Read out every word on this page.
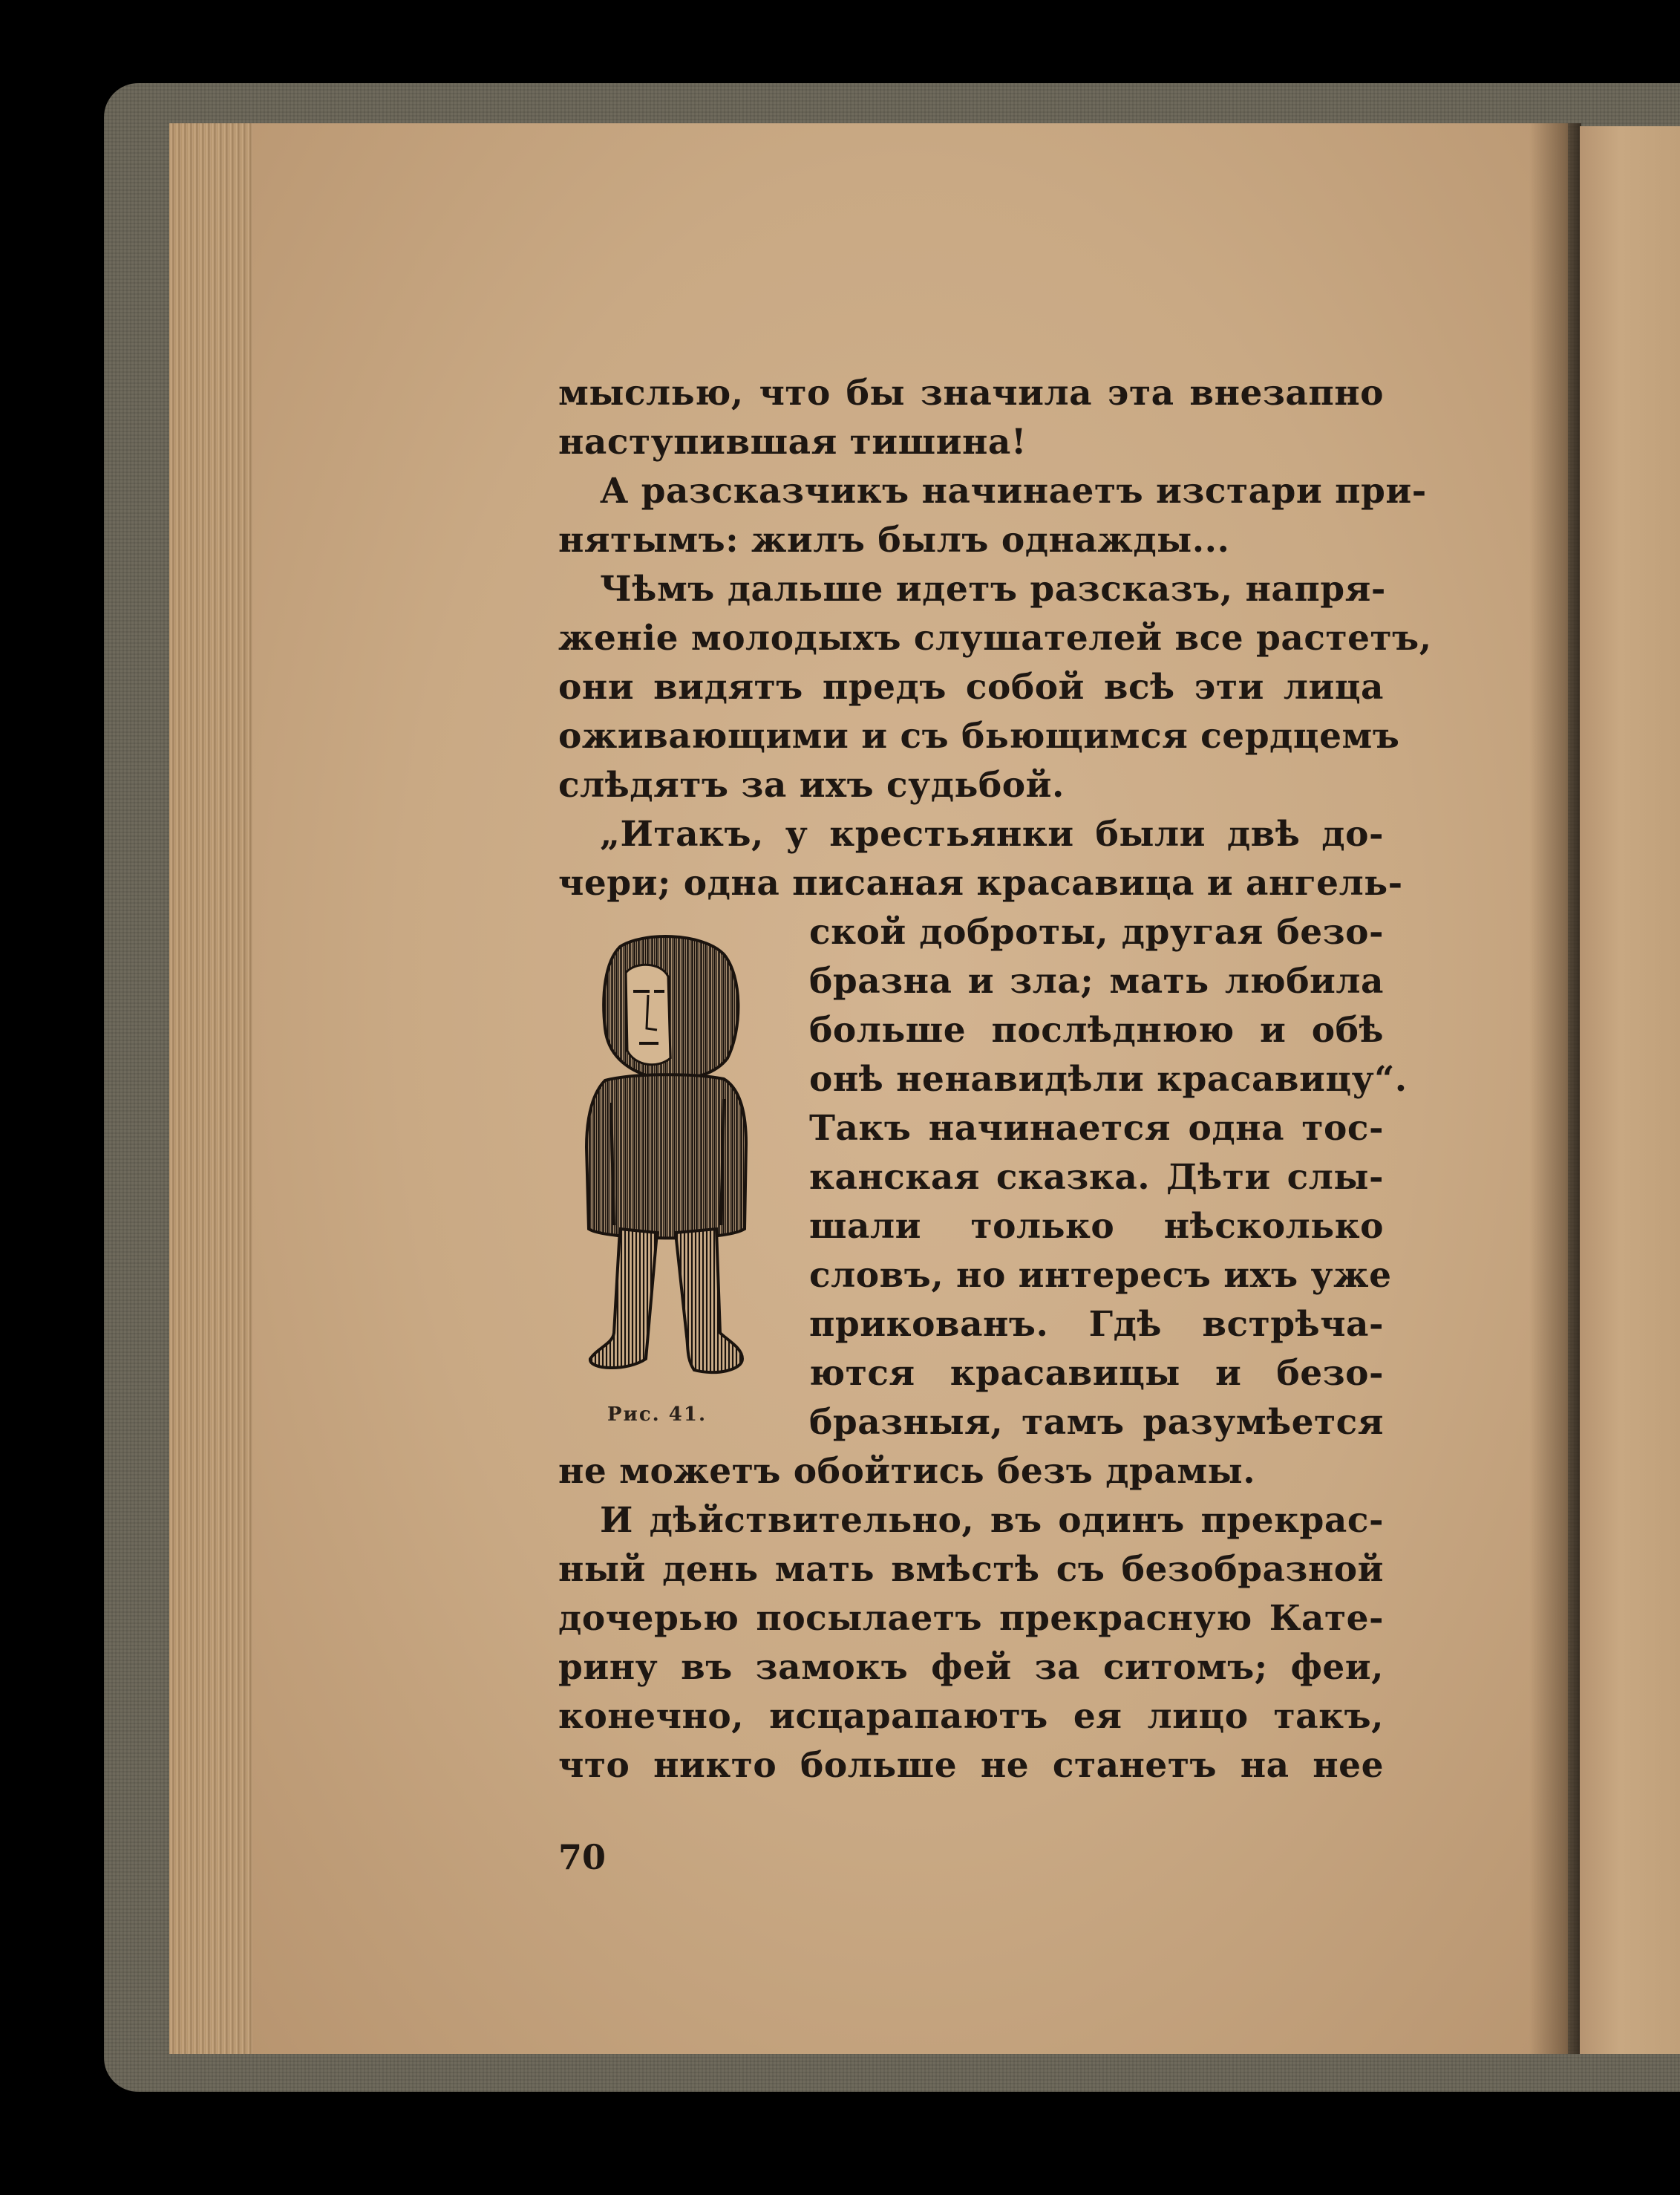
мыслью, что бы значила эта внезапно
наступившая тишина!
А разсказчикъ начинаетъ изстари при-
нятымъ: жилъ былъ однажды...
Чѣмъ дальше идетъ разсказъ, напря-
женіе молодыхъ слушателей все растетъ,
они видятъ предъ собой всѣ эти лица
оживающими и съ бьющимся сердцемъ
слѣдятъ за ихъ судьбой.
„Итакъ, у крестьянки были двѣ до-
чери; одна писаная красавица и ангель-
ской доброты, другая безо-
бразна и зла; мать любила
больше послѣднюю и обѣ
онѣ ненавидѣли красавицу“.
Такъ начинается одна тос-
канская сказка. Дѣти слы-
шали только нѣсколько
словъ, но интересъ ихъ уже
прикованъ. Гдѣ встрѣча-
ются красавицы и безо-
бразныя, тамъ разумѣется
не можетъ обойтись безъ драмы.
И дѣйствительно, въ одинъ прекрас-
ный день мать вмѣстѣ съ безобразной
дочерью посылаетъ прекрасную Кате-
рину въ замокъ фей за ситомъ; феи,
конечно, исцарапаютъ ея лицо такъ,
что никто больше не станетъ на нее
Рис. 41.
70
